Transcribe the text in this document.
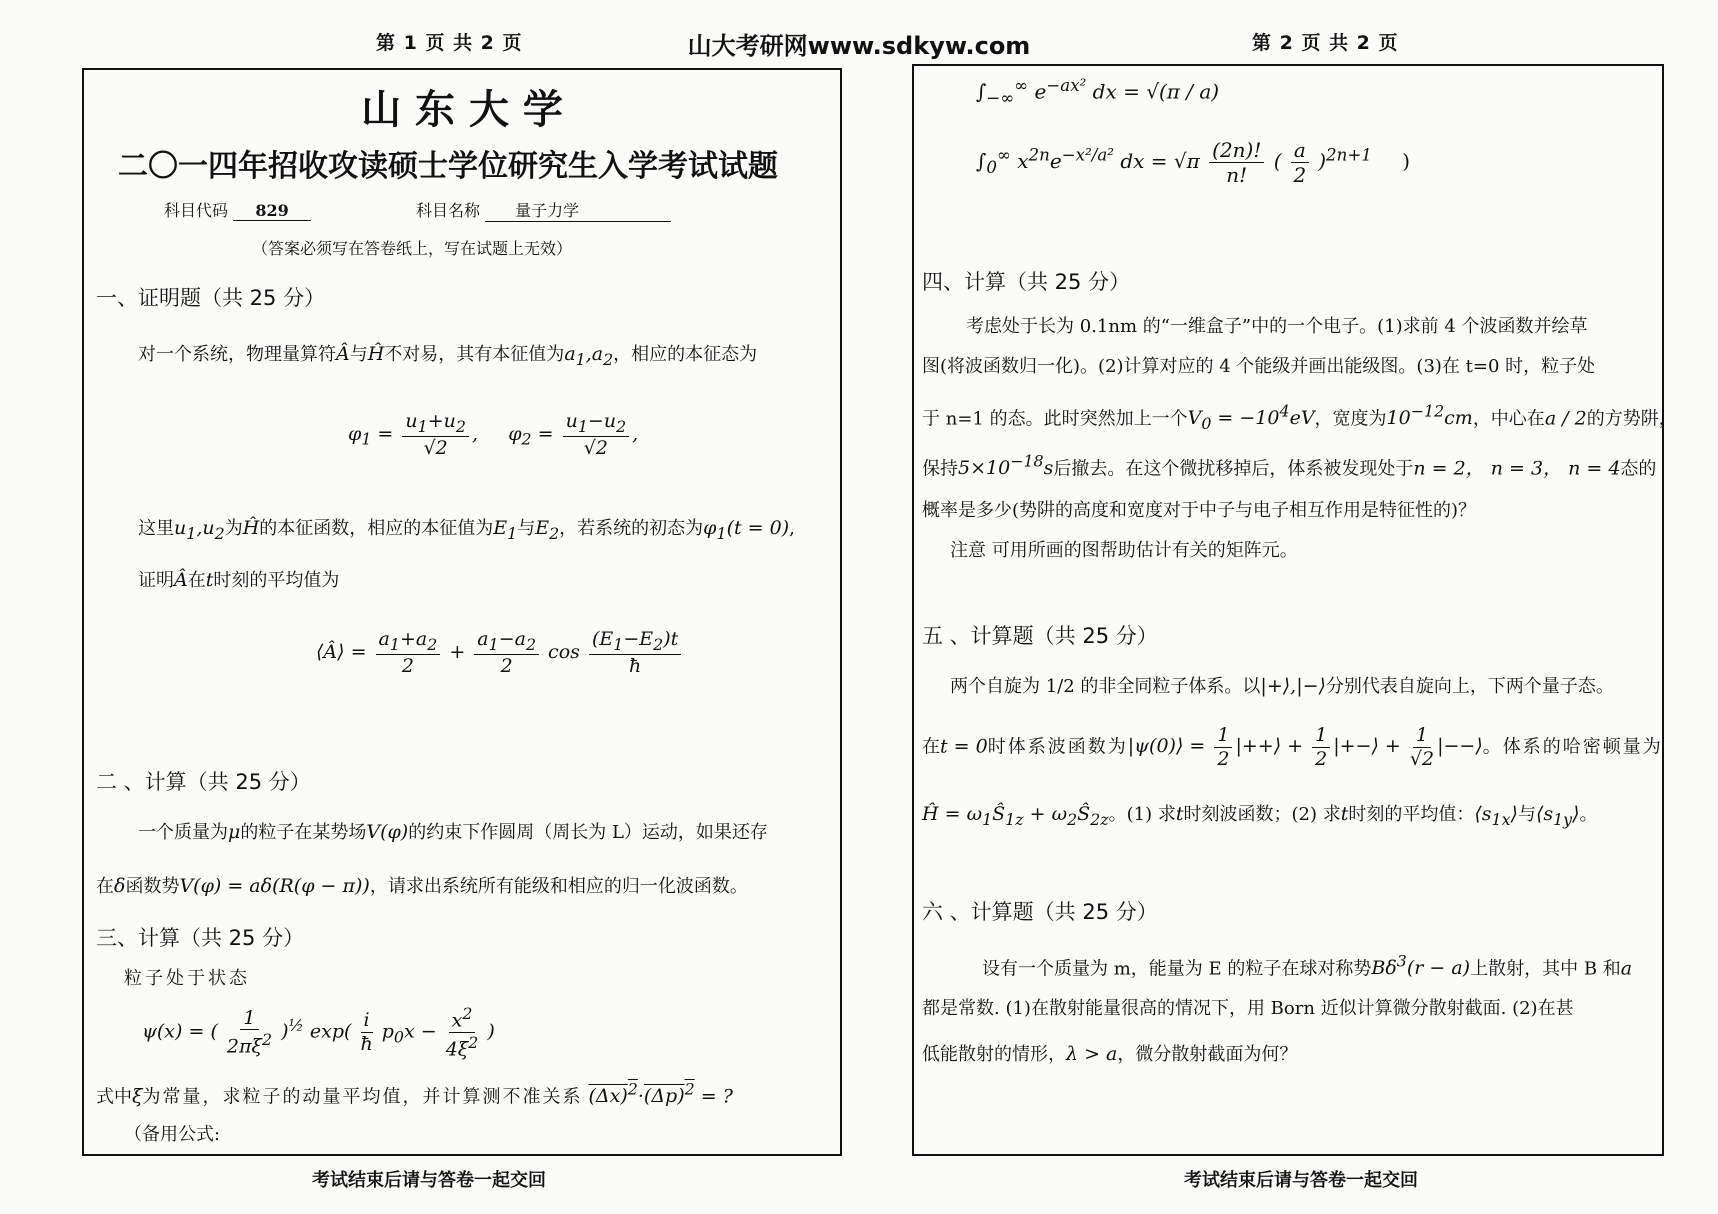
山大考研网www.sdkyw.com
第 1 页 共 2 页
山 东 大 学
二〇一四年招收攻读硕士学位研究生入学考试试题
科目代码 829	科目名称 量子力学
（答案必须写在答卷纸上，写在试题上无效）
一、证明题（共 25 分）
对一个系统，物理量算符Â与Ĥ不对易，其有本征值为$a_1,a_2$，相应的本征态为
$\varphi_1 = \frac{u_1+u_2}{√2}$ ,     $\varphi_2 = \frac{u_1-u_2}{√2}$ ,
这里$u_1,u_2$为Ĥ的本征函数，相应的本征值为$E_1$与$E_2$，若系统的初态为$\varphi_1(t = 0)$,
证明Â在t时刻的平均值为
⟨Â⟩ = $\frac{a_1+a_2}{2} + \frac{a_1-a_2}{2}$ $\cos \frac{(E_1-E_2)t}{ħ}$
二 、计算（共 25 分）
一个质量为μ的粒子在某势场V(φ)的约束下作圆周（周长为 L）运动，如果还存
在δ函数势V(φ) = aδ(R(φ − π))，请求出系统所有能级和相应的归一化波函数。
三、计算（共 25 分）
粒子处于状态
ψ(x) = ( $\frac{1}{2\pi\xi^2} )^{\frac{1}{2}}$ $\exp( \frac{i}{ħ} p_0x - \frac{x^2}{4\xi^2}$ )
式中ξ为常量，求粒子的动量平均值，并计算测不准关系 $(\Delta x)^2\cdot(\Delta p)^2$ = ?
（备用公式:
考试结束后请与答卷一起交回
第 2 页 共 2 页
$\int_{-\infty}^\infty$ $e^{-ax^2}$ dx = √(π / a)
$\int_0^\infty$ $x^{2n}e^{-x^2/a^2}$ dx = $√\pi \frac{(2n)!}{n!}$ ( $\frac{a}{2} )^{2n+1}$ )
四、计算（共 25 分）
考虑处于长为 0.1nm 的“一维盒子”中的一个电子。(1)求前 4 个波函数并绘草
图(将波函数归一化)。(2)计算对应的 4 个能级并画出能级图。(3)在 t=0 时，粒子处
于 n=1 的态。此时突然加上一个$V_0 = -10^4eV$，宽度为$10^{-12}cm$，中心在a / 2的方势阱，
保持$5\times 10^{-18}s$后撤去。在这个微扰移掉后，体系被发现处于n = 2， n = 3， n = 4态的
概率是多少(势阱的高度和宽度对于中子与电子相互作用是特征性的)？
注意 可用所画的图帮助估计有关的矩阵元。
五 、计算题（共 25 分）
两个自旋为 1/2 的非全同粒子体系。以|+⟩,|−⟩分别代表自旋向上，下两个量子态。
在t = 0时体系波函数为|ψ(0)⟩ = $\frac{1}{2}$ |++⟩ + $\frac{1}{2}$ |+−⟩ + $\frac{1}{√2}$ |−−⟩。体系的哈密顿量为
Ĥ = $\omega_1Ŝ_{1z}$ + $\omega_2Ŝ_{2z}$。(1) 求t时刻波函数；(2) 求t时刻的平均值：$⟨s_{1x}⟩$与$⟨s_{1y}⟩$。
六 、计算题（共 25 分）
设有一个质量为 m，能量为 E 的粒子在球对称势$B\delta^3(r - a)$上散射，其中 B 和a
都是常数. (1)在散射能量很高的情况下，用 Born 近似计算微分散射截面. (2)在甚
低能散射的情形，λ > a，微分散射截面为何？
考试结束后请与答卷一起交回
